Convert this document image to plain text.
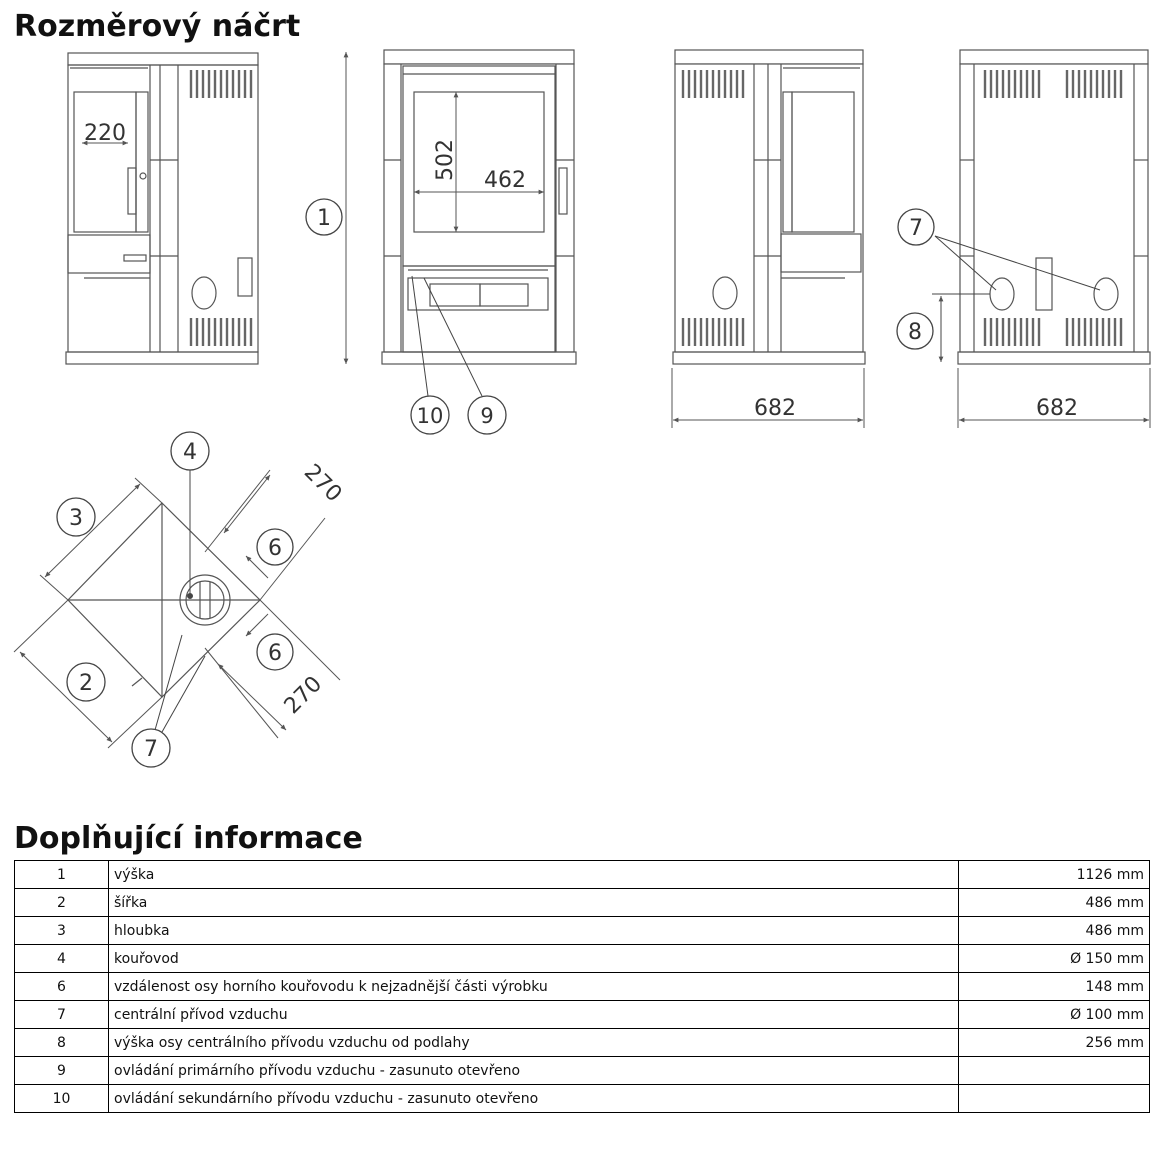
Rozměrový náčrt
220
1
502 462
10 9	682
7
8
682
270
270
4
3
6
6
2
7
Doplňující informace
1	výška	1126 mm
2	šířka	486 mm
3	hloubka	486 mm
4	kouřovod	Ø 150 mm
6	vzdálenost osy horního kouřovodu k nejzadnější části výrobku	148 mm
7	centrální přívod vzduchu	Ø 100 mm
8	výška osy centrálního přívodu vzduchu od podlahy	256 mm
9	ovládání primárního přívodu vzduchu - zasunuto otevřeno	
10	ovládání sekundárního přívodu vzduchu - zasunuto otevřeno	
